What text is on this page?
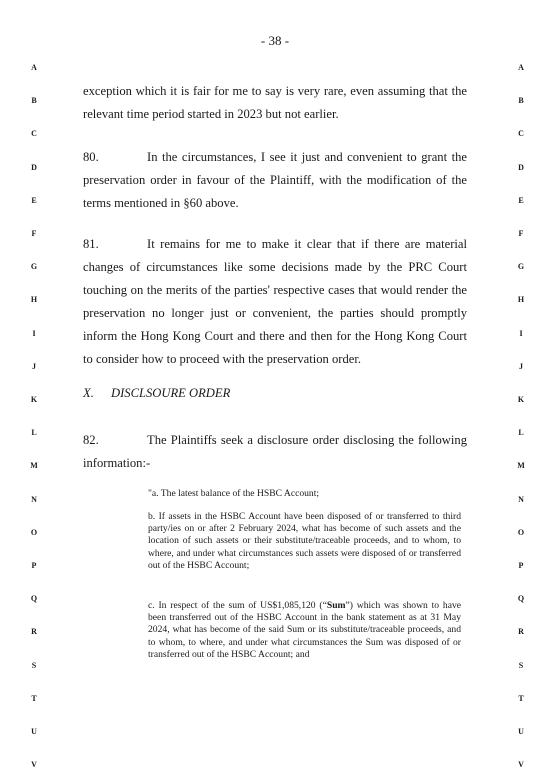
- 38 -
A	A
B	B
C	C
D	D
E	E
F	F
G	G
H	H
I	I
J	J
K	K
L	L
M	M
N	N
O	O
P	P
Q	Q
R	R
S	S
T	T
U	U
V	V
exception which it is fair for me to say is very rare, even assuming that the relevant time period started in 2023 but not earlier.
80.	In the circumstances, I see it just and convenient to grant the preservation order in favour of the Plaintiff, with the modification of the terms mentioned in §60 above.
81.	It remains for me to make it clear that if there are material changes of circumstances like some decisions made by the PRC Court touching on the merits of the parties' respective cases that would render the preservation no longer just or convenient, the parties should promptly inform the Hong Kong Court and there and then for the Hong Kong Court to consider how to proceed with the preservation order.
X. DISCLSOURE ORDER
82.	The Plaintiffs seek a disclosure order disclosing the following information:-
"a. The latest balance of the HSBC Account;
b. If assets in the HSBC Account have been disposed of or transferred to third party/ies on or after 2 February 2024, what has become of such assets and the location of such assets or their substitute/traceable proceeds, and to whom, to where, and under what circumstances such assets were disposed of or transferred out of the HSBC Account;
c. In respect of the sum of US$1,085,120 (“Sum”) which was shown to have been transferred out of the HSBC Account in the bank statement as at 31 May 2024, what has become of the said Sum or its substitute/traceable proceeds, and to whom, to where, and under what circumstances the Sum was disposed of or transferred out of the HSBC Account; and
